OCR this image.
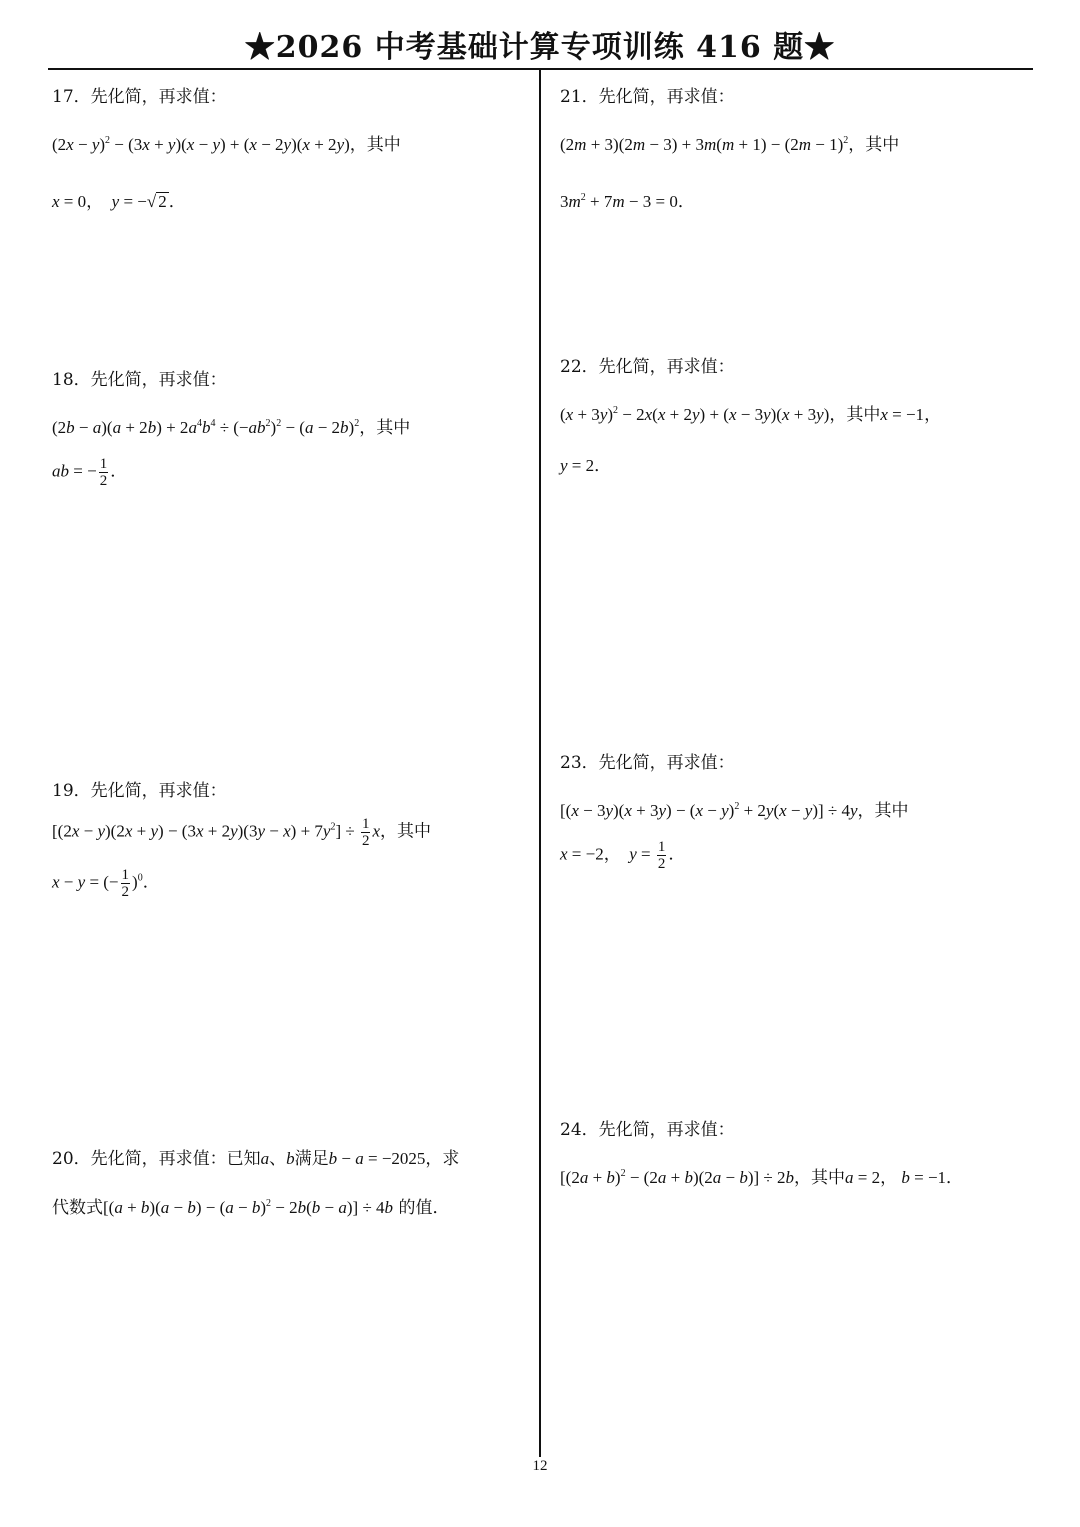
★2026 中考基础计算专项训练 416 题★
17．先化简，再求值：
$(2x - y)^2 - (3x + y)(x - y) + (x - 2y)(x + 2y)$，其中
x = 0， y = −√ 2 ．
18．先化简，再求值：
$(2b - a)(a + 2b) + 2a^4b^4 \div (-ab^2)^2 - (a - 2b)^2$，其中
ab = − $\frac{1}{2}$ ．
19．先化简，再求值：
$[(2x - y)(2x + y) - (3x + 2y)(3y - x) + 7y^2] \div \frac{1}{2}$ x，其中
x − y = (− $\frac{1}{2} )^0$．
20．先化简，再求值：已知a、b满足b − a = −2025，求
代数式$[(a + b)(a - b) - (a - b)^2 - 2b(b - a)] \div 4b$ 的值．
21．先化简，再求值：
$(2m + 3)(2m - 3) + 3m(m + 1) - (2m - 1)^2$，其中
$3m^2 + 7m - 3 = 0$．
22．先化简，再求值：
$(x + 3y)^2 - 2x(x + 2y) + (x - 3y)(x + 3y)$，其中x = −1，
y = 2．
23．先化简，再求值：
$[(x - 3y)(x + 3y) - (x - y)^2 + 2y(x - y)] \div 4y$，其中
x = −2， $y = \frac{1}{2}$ ．
24．先化简，再求值：
$[(2a + b)^2 - (2a + b)(2a - b)] \div 2b$，其中a = 2， b = −1．
12
